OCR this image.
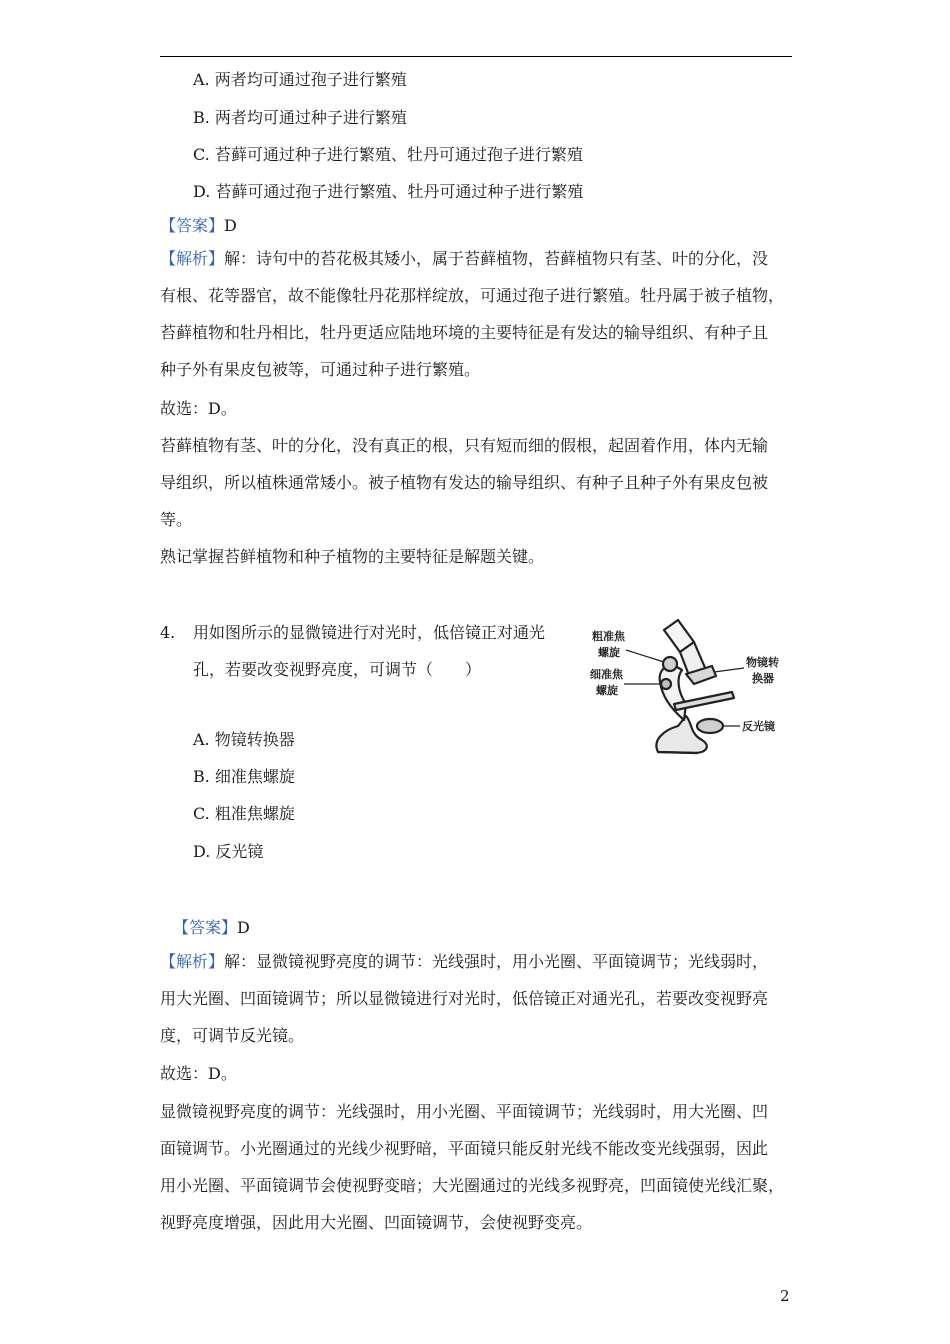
A. 两者均可通过孢子进行繁殖
B. 两者均可通过种子进行繁殖
C. 苔藓可通过种子进行繁殖、牡丹可通过孢子进行繁殖
D. 苔藓可通过孢子进行繁殖、牡丹可通过种子进行繁殖
【答案】D
【解析】解：诗句中的苔花极其矮小，属于苔藓植物，苔藓植物只有茎、叶的分化，没
有根、花等器官，故不能像牡丹花那样绽放，可通过孢子进行繁殖。牡丹属于被子植物，
苔藓植物和牡丹相比，牡丹更适应陆地环境的主要特征是有发达的输导组织、有种子且
种子外有果皮包被等，可通过种子进行繁殖。
故选：D。
苔藓植物有茎、叶的分化，没有真正的根，只有短而细的假根，起固着作用，体内无输
导组织，所以植株通常矮小。被子植物有发达的输导组织、有种子且种子外有果皮包被
等。
熟记掌握苔鲜植物和种子植物的主要特征是解题关键。
4. 用如图所示的显微镜进行对光时，低倍镜正对通光
孔，若要改变视野亮度，可调节（　　）
粗准焦
螺旋
细准焦
螺旋
物镜转
换器
反光镜
A. 物镜转换器
B. 细准焦螺旋
C. 粗准焦螺旋
D. 反光镜
【答案】D
【解析】解：显微镜视野亮度的调节：光线强时，用小光圈、平面镜调节；光线弱时，
用大光圈、凹面镜调节；所以显微镜进行对光时，低倍镜正对通光孔，若要改变视野亮
度，可调节反光镜。
故选：D。
显微镜视野亮度的调节：光线强时，用小光圈、平面镜调节；光线弱时，用大光圈、凹
面镜调节。小光圈通过的光线少视野暗，平面镜只能反射光线不能改变光线强弱，因此
用小光圈、平面镜调节会使视野变暗；大光圈通过的光线多视野亮，凹面镜使光线汇聚，
视野亮度增强，因此用大光圈、凹面镜调节，会使视野变亮。
2
